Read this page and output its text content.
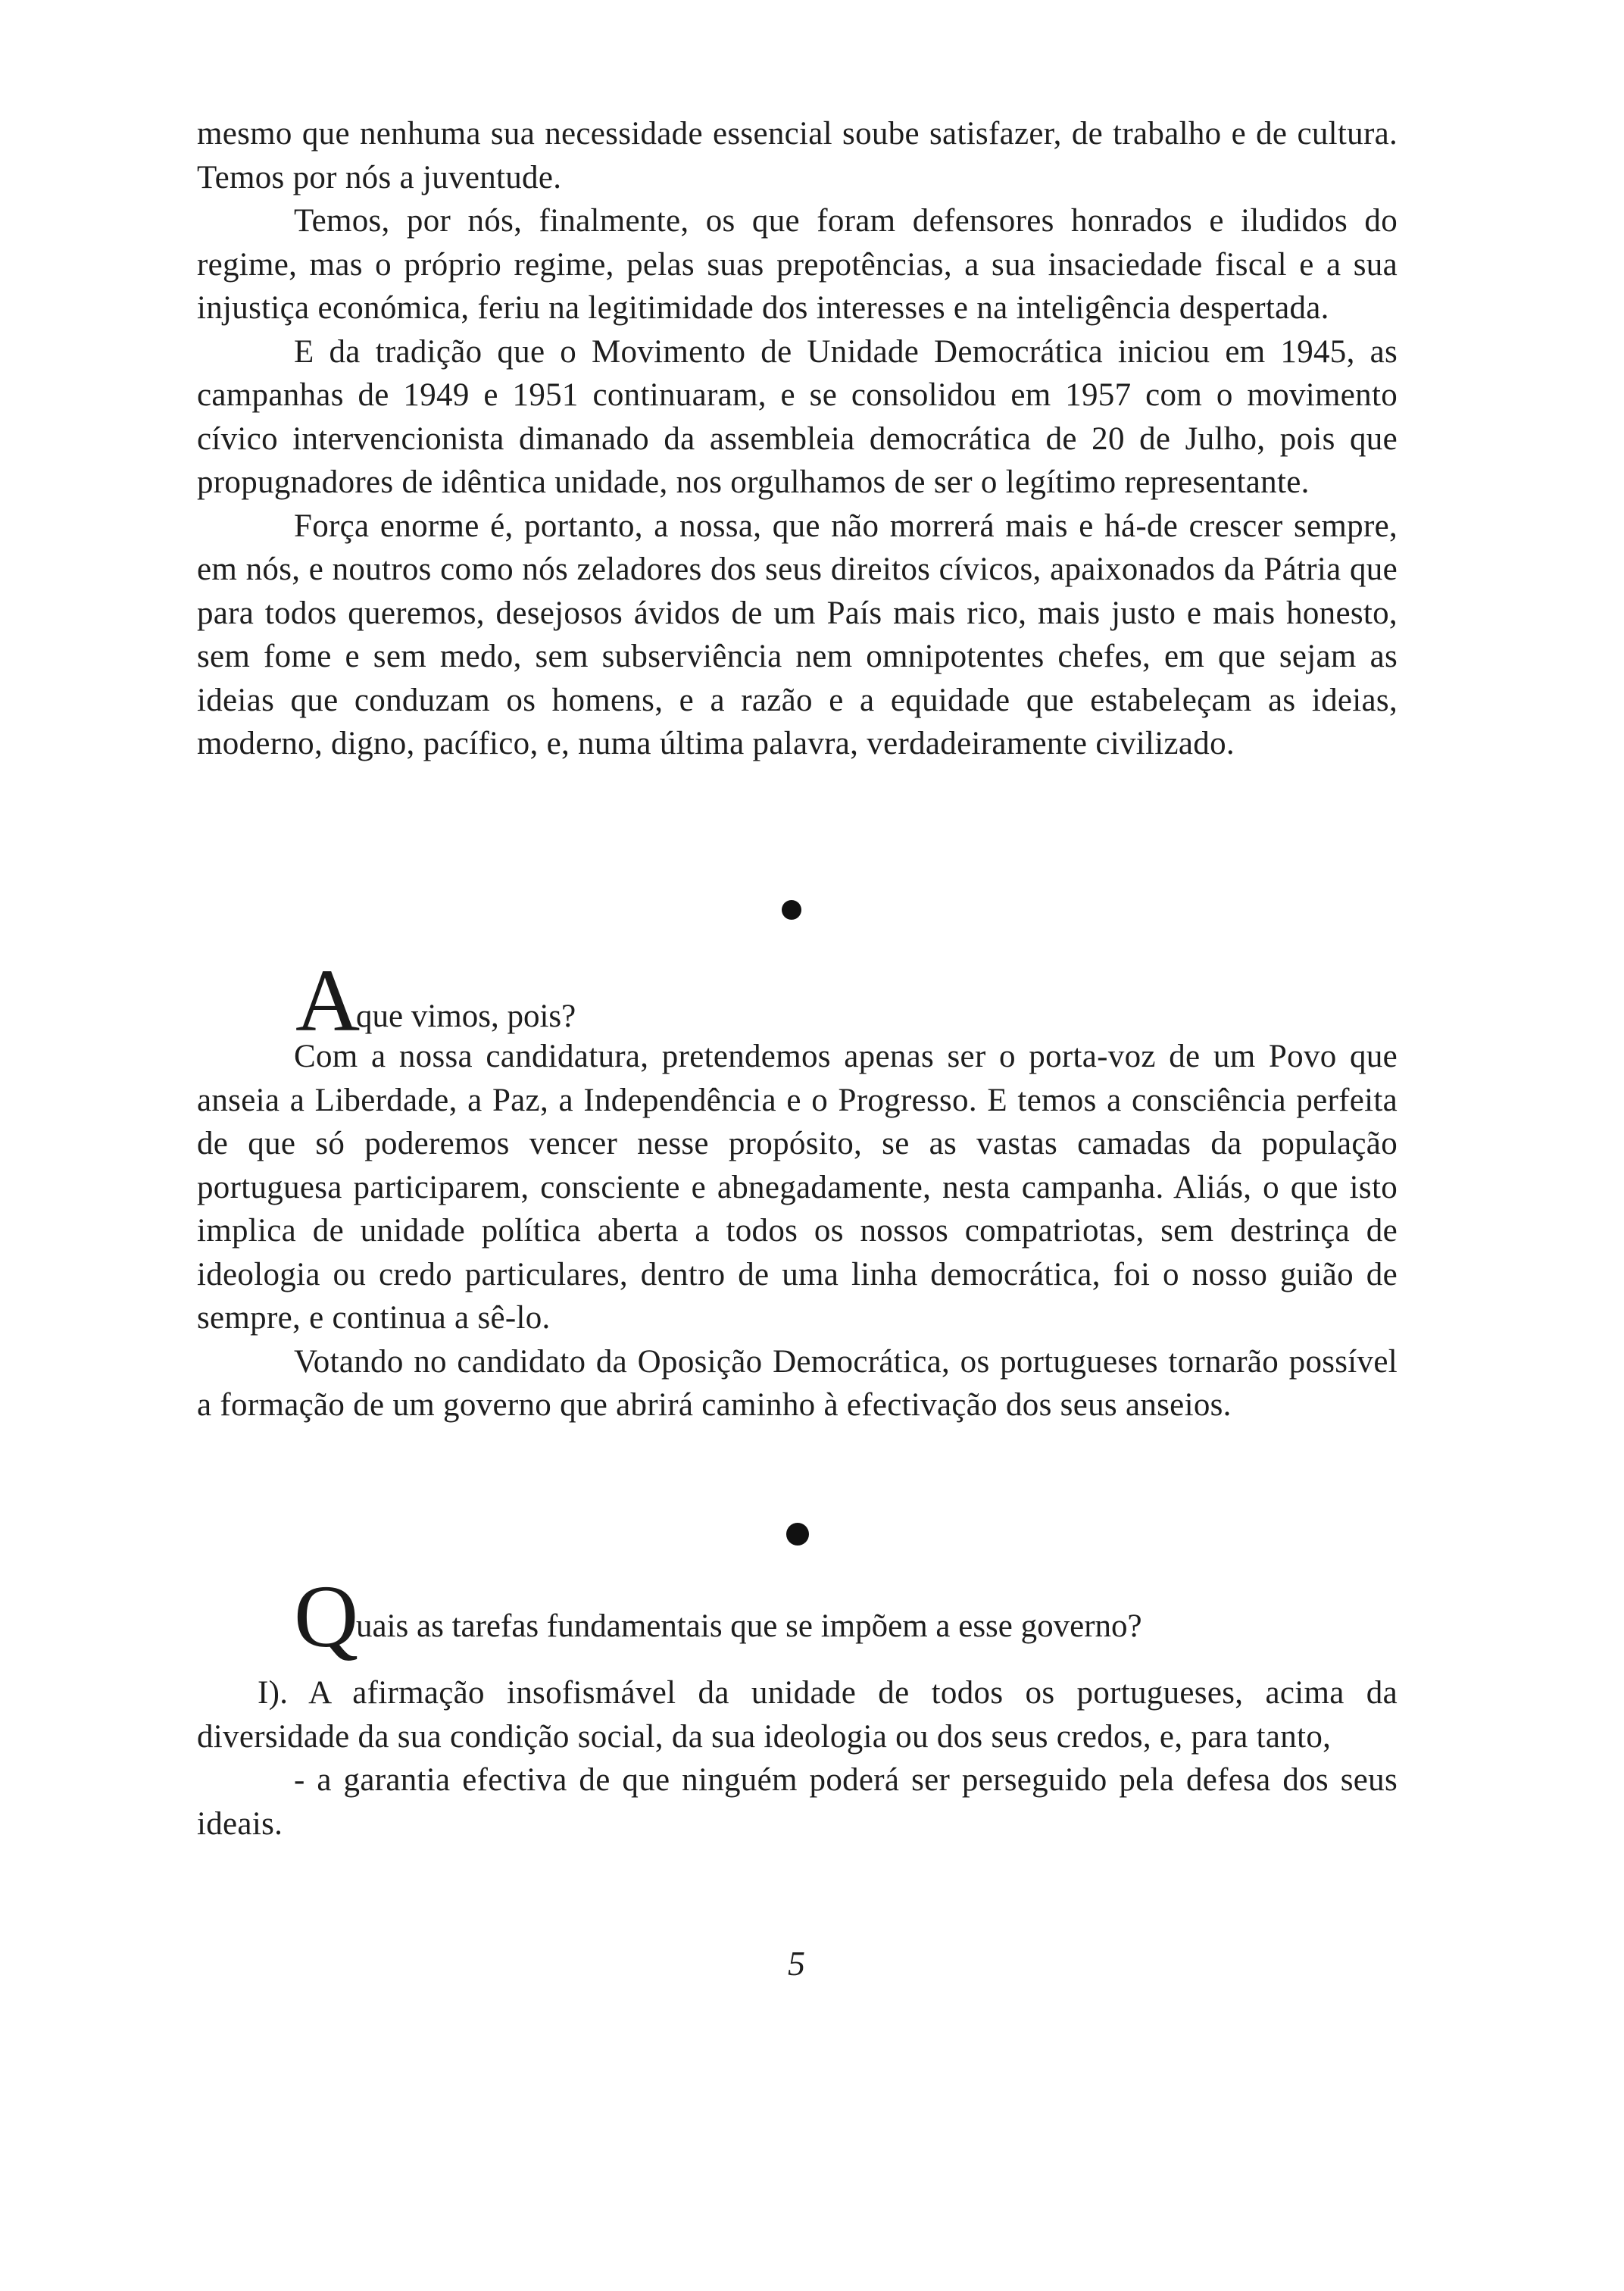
mesmo que nenhuma sua necessidade essencial soube satisfazer, de trabalho e de cultura. Temos por nós a juventude.

Temos, por nós, finalmente, os que foram defensores honrados e iludidos do regime, mas o próprio regime, pelas suas prepotências, a sua insaciedade fiscal e a sua injustiça económica, feriu na legitimidade dos interesses e na inteligência despertada.

E da tradição que o Movimento de Unidade Democrática iniciou em 1945, as campanhas de 1949 e 1951 continuaram, e se consolidou em 1957 com o movimento cívico intervencionista dimanado da assembleia democrática de 20 de Julho, pois que propugnadores de idêntica unidade, nos orgulhamos de ser o legítimo representante.

Força enorme é, portanto, a nossa, que não morrerá mais e há-de crescer sempre, em nós, e noutros como nós zeladores dos seus direitos cívicos, apaixonados da Pátria que para todos queremos, desejosos ávidos de um País mais rico, mais justo e mais honesto, sem fome e sem medo, sem subserviência nem omnipotentes chefes, em que sejam as ideias que conduzam os homens, e a razão e a equidade que estabeleçam as ideias, moderno, digno, pacífico, e, numa última palavra, verdadeiramente civilizado.

A

que vimos, pois?

Com a nossa candidatura, pretendemos apenas ser o porta-voz de um Povo que anseia a Liberdade, a Paz, a Independência e o Progresso. E temos a consciência perfeita de que só poderemos vencer nesse propósito, se as vastas camadas da população portuguesa participarem, consciente e abnegadamente, nesta campanha. Aliás, o que isto implica de unidade política aberta a todos os nossos compatriotas, sem destrinça de ideologia ou credo particulares, dentro de uma linha democrática, foi o nosso guião de sempre, e continua a sê-lo.

Votando no candidato da Oposição Democrática, os portugueses tornarão possível a formação de um governo que abrirá caminho à efectivação dos seus anseios.

Q

uais as tarefas fundamentais que se impõem a esse governo?

I). A afirmação insofismável da unidade de todos os portugueses, acima da diversidade da sua condição social, da sua ideologia ou dos seus credos, e, para tanto,

- a garantia efectiva de que ninguém poderá ser perseguido pela defesa dos seus ideais.

5
